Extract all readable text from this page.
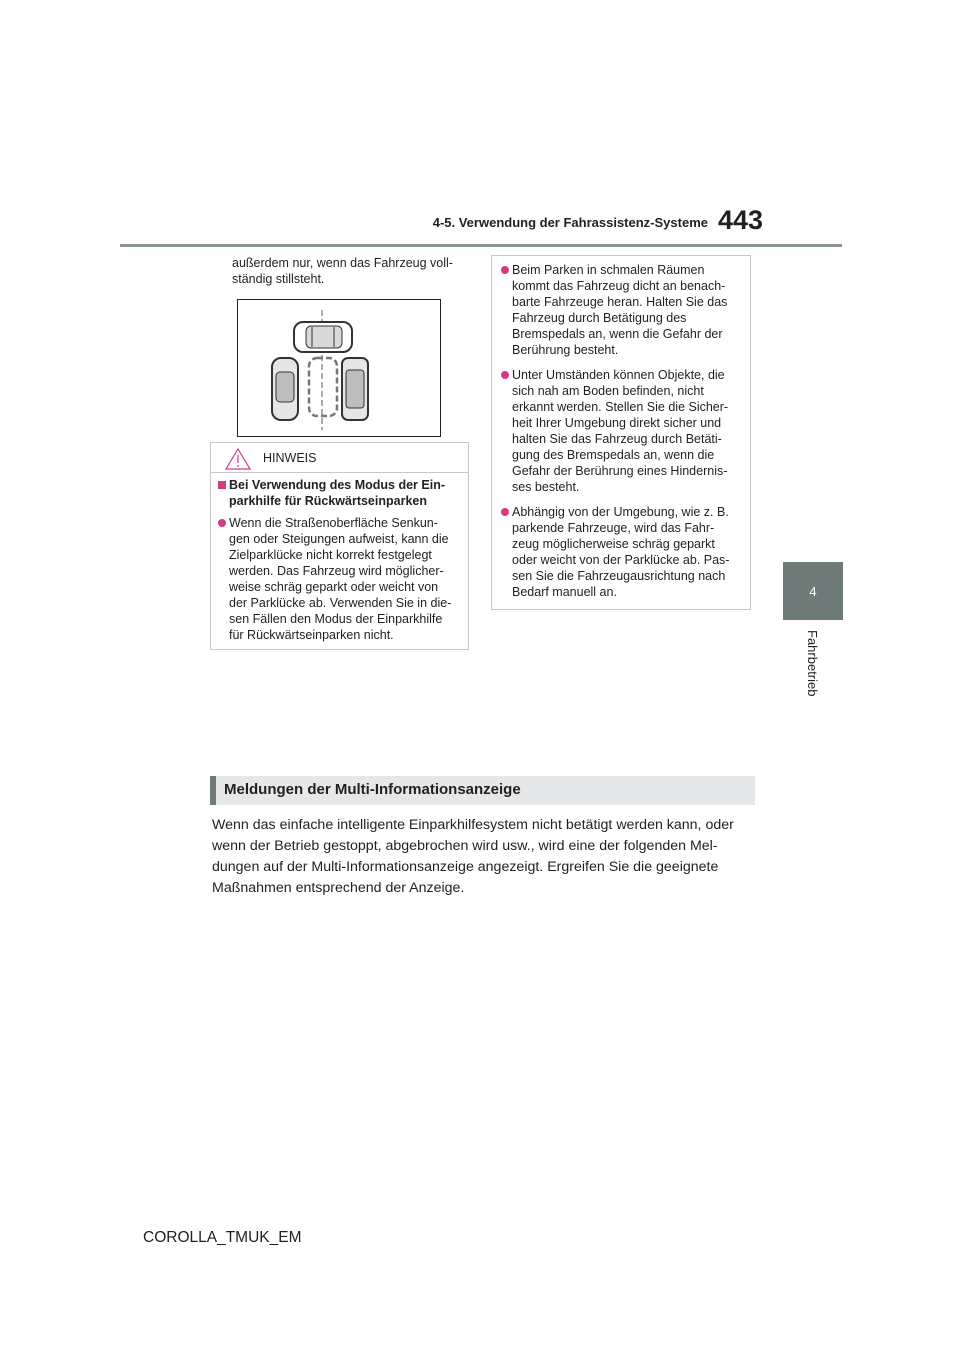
4-5. Verwendung der Fahrassistenz-Systeme 443
4
Fahrbetrieb
außerdem nur, wenn das Fahrzeug voll-ständig stillsteht.
HINWEIS
Bei Verwendung des Modus der Ein-parkhilfe für Rückwärtseinparken
Wenn die Straßenoberfläche Senkun-gen oder Steigungen aufweist, kann die Zielparklücke nicht korrekt festgelegt werden. Das Fahrzeug wird möglicher-weise schräg geparkt oder weicht von der Parklücke ab. Verwenden Sie in die-sen Fällen den Modus der Einparkhilfe für Rückwärtseinparken nicht.
Beim Parken in schmalen Räumen kommt das Fahrzeug dicht an benach-barte Fahrzeuge heran. Halten Sie das Fahrzeug durch Betätigung des Bremspedals an, wenn die Gefahr der Berührung besteht.
Unter Umständen können Objekte, die sich nah am Boden befinden, nicht erkannt werden. Stellen Sie die Sicher-heit Ihrer Umgebung direkt sicher und halten Sie das Fahrzeug durch Betäti-gung des Bremspedals an, wenn die Gefahr der Berührung eines Hindernis-ses besteht.
Abhängig von der Umgebung, wie z. B. parkende Fahrzeuge, wird das Fahr-zeug möglicherweise schräg geparkt oder weicht von der Parklücke ab. Pas-sen Sie die Fahrzeugausrichtung nach Bedarf manuell an.
Meldungen der Multi-Informationsanzeige
Wenn das einfache intelligente Einparkhilfesystem nicht betätigt werden kann, oder wenn der Betrieb gestoppt, abgebrochen wird usw., wird eine der folgenden Mel-dungen auf der Multi-Informationsanzeige angezeigt. Ergreifen Sie die geeignete Maßnahmen entsprechend der Anzeige.
COROLLA_TMUK_EM
